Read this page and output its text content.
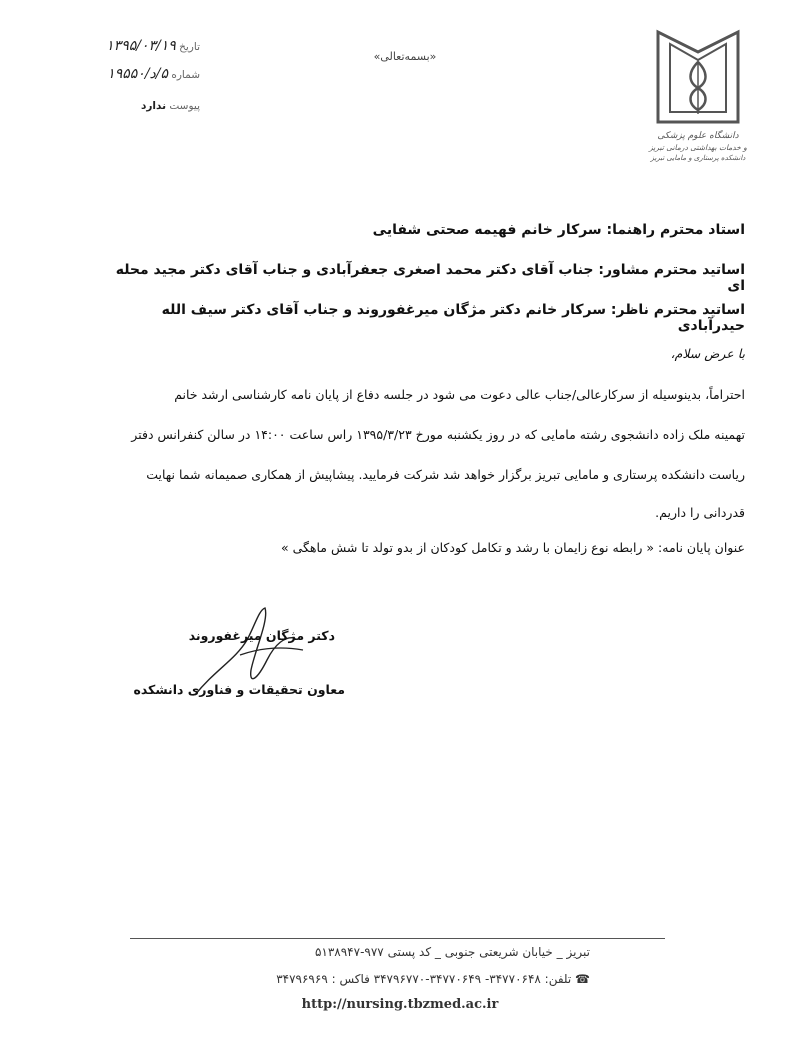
تاریخ ۱۳۹۵/۰۳/۱۹
شماره ۵/د/۱۹۵۵۰
پیوست ندارد
«بسمه‌تعالی»
دانشگاه علوم پزشکی
و خدمات بهداشتی درمانی تبریز
دانشکده پرستاری و مامایی تبریز
استاد محترم راهنما: سرکار خانم فهیمه صحتی شفایی
اساتید محترم مشاور: جناب آقای دکتر محمد اصغری جعفرآبادی و جناب آقای دکتر مجید محله ای
اساتید محترم ناظر: سرکار خانم دکتر مژگان میرغفوروند و جناب آقای دکتر سیف الله حیدرآبادی
با عرض سلام،
احتراماً، بدینوسیله از سرکارعالی/جناب عالی دعوت می شود در جلسه دفاع از پایان نامه کارشناسی ارشد خانم
تهمینه ملک زاده دانشجوی رشته مامایی که در روز یکشنبه مورخ ۱۳۹۵/۳/۲۳ راس ساعت ۱۴:۰۰ در سالن کنفرانس دفتر
ریاست دانشکده پرستاری و مامایی تبریز برگزار خواهد شد شرکت فرمایید. پیشاپیش از همکاری صمیمانه شما نهایت
قدردانی را داریم.
عنوان پایان نامه: « رابطه نوع زایمان با رشد و تکامل کودکان از بدو تولد تا شش ماهگی »
دکتر مژگان میرغفوروند
معاون تحقیقات و فناوری دانشکده
تبریز _ خیابان شریعتی جنوبی _ کد پستی ۹۷۷-۵۱۳۸۹۴۷
☎ تلفن: ۳۴۷۷۰۶۴۸- ۳۴۷۷۰۶۴۹-۳۴۷۹۶۷۷۰ فاکس : ۳۴۷۹۶۹۶۹
http://nursing.tbzmed.ac.ir
